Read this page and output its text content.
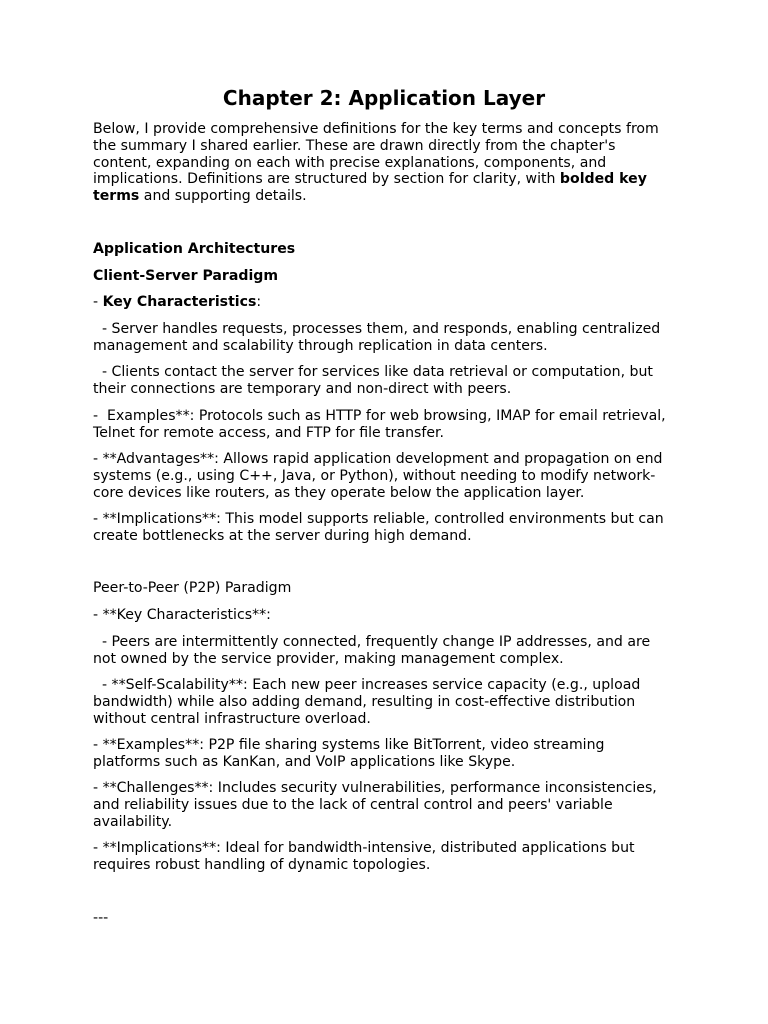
Chapter 2: Application Layer

Below, I provide comprehensive definitions for the key terms and concepts from
the summary I shared earlier. These are drawn directly from the chapter's
content, expanding on each with precise explanations, components, and
implications. Definitions are structured by section for clarity, with bolded key
terms and supporting details.

Application Architectures

Client-Server Paradigm

- Key Characteristics:

- Server handles requests, processes them, and responds, enabling centralized
management and scalability through replication in data centers.

- Clients contact the server for services like data retrieval or computation, but
their connections are temporary and non-direct with peers.

-  Examples**: Protocols such as HTTP for web browsing, IMAP for email retrieval,
Telnet for remote access, and FTP for file transfer.

- **Advantages**: Allows rapid application development and propagation on end
systems (e.g., using C++, Java, or Python), without needing to modify network-
core devices like routers, as they operate below the application layer.

- **Implications**: This model supports reliable, controlled environments but can
create bottlenecks at the server during high demand.

Peer-to-Peer (P2P) Paradigm

- **Key Characteristics**:

- Peers are intermittently connected, frequently change IP addresses, and are
not owned by the service provider, making management complex.

- **Self-Scalability**: Each new peer increases service capacity (e.g., upload
bandwidth) while also adding demand, resulting in cost-effective distribution
without central infrastructure overload.

- **Examples**: P2P file sharing systems like BitTorrent, video streaming
platforms such as KanKan, and VoIP applications like Skype.

- **Challenges**: Includes security vulnerabilities, performance inconsistencies,
and reliability issues due to the lack of central control and peers' variable
availability.

- **Implications**: Ideal for bandwidth-intensive, distributed applications but
requires robust handling of dynamic topologies.

---
